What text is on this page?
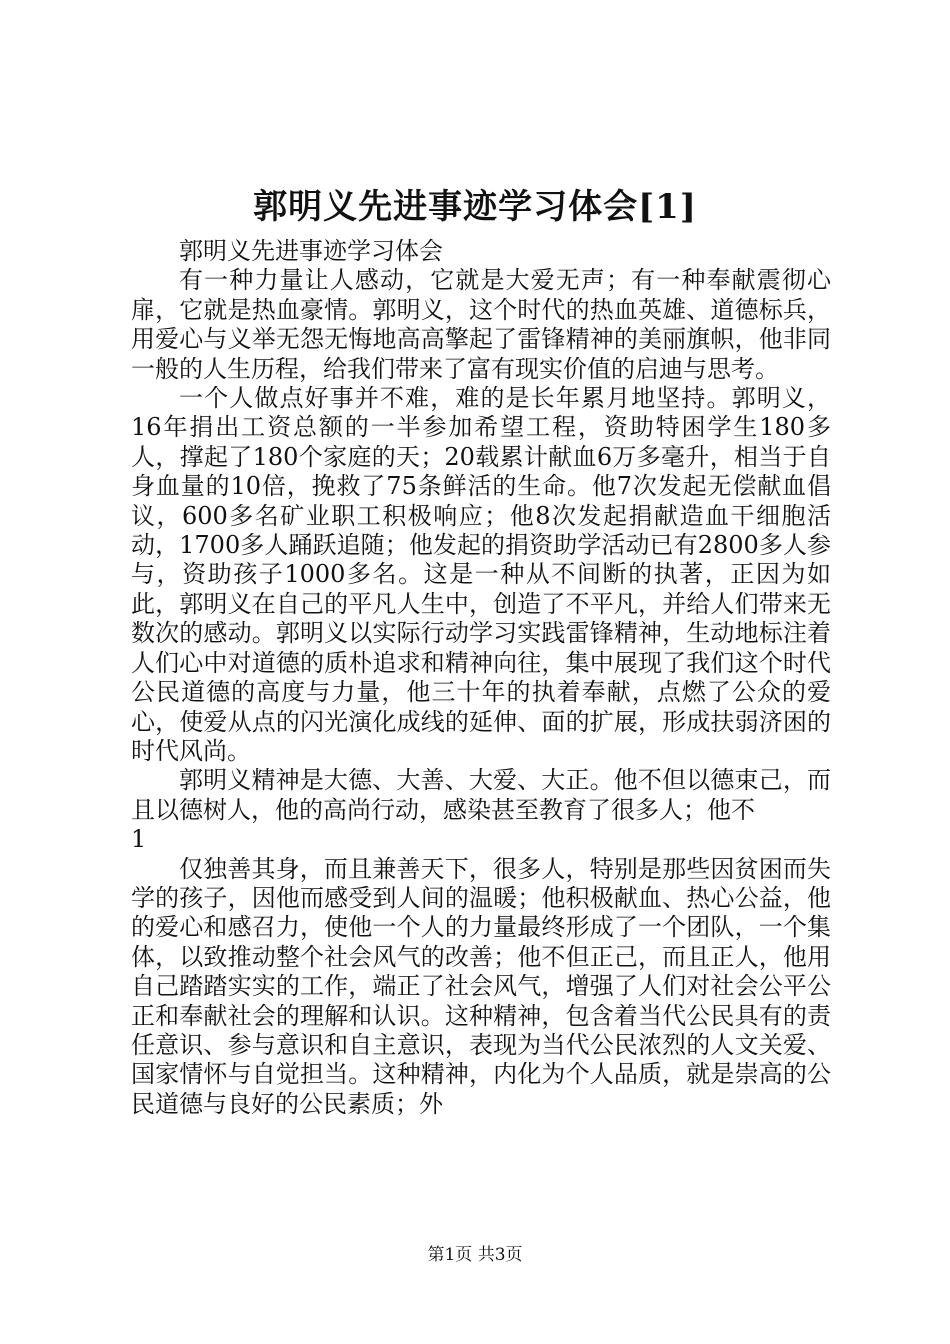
郭明义先进事迹学习体会[1]

郭明义先进事迹学习体会

有一种力量让人感动，它就是大爱无声；有一种奉献震彻心扉，它就是热血豪情。郭明义，这个时代的热血英雄、道德标兵，用爱心与义举无怨无悔地高高擎起了雷锋精神的美丽旗帜，他非同一般的人生历程，给我们带来了富有现实价值的启迪与思考。

一个人做点好事并不难，难的是长年累月地坚持。郭明义，16年捐出工资总额的一半参加希望工程，资助特困学生180多人，撑起了180个家庭的天；20载累计献血6万多毫升，相当于自身血量的10倍，挽救了75条鲜活的生命。他7次发起无偿献血倡议，600多名矿业职工积极响应；他8次发起捐献造血干细胞活动，1700多人踊跃追随；他发起的捐资助学活动已有2800多人参与，资助孩子1000多名。这是一种从不间断的执著，正因为如此，郭明义在自己的平凡人生中，创造了不平凡，并给人们带来无数次的感动。郭明义以实际行动学习实践雷锋精神，生动地标注着人们心中对道德的质朴追求和精神向往，集中展现了我们这个时代公民道德的高度与力量，他三十年的执着奉献，点燃了公众的爱心，使爱从点的闪光演化成线的延伸、面的扩展，形成扶弱济困的时代风尚。

郭明义精神是大德、大善、大爱、大正。他不但以德束己，而且以德树人，他的高尚行动，感染甚至教育了很多人；他不

1

仅独善其身，而且兼善天下，很多人，特别是那些因贫困而失学的孩子，因他而感受到人间的温暖；他积极献血、热心公益，他的爱心和感召力，使他一个人的力量最终形成了一个团队，一个集体，以致推动整个社会风气的改善；他不但正己，而且正人，他用自己踏踏实实的工作，端正了社会风气，增强了人们对社会公平公正和奉献社会的理解和认识。这种精神，包含着当代公民具有的责任意识、参与意识和自主意识，表现为当代公民浓烈的人文关爱、国家情怀与自觉担当。这种精神，内化为个人品质，就是崇高的公民道德与良好的公民素质；外

第1页 共3页
